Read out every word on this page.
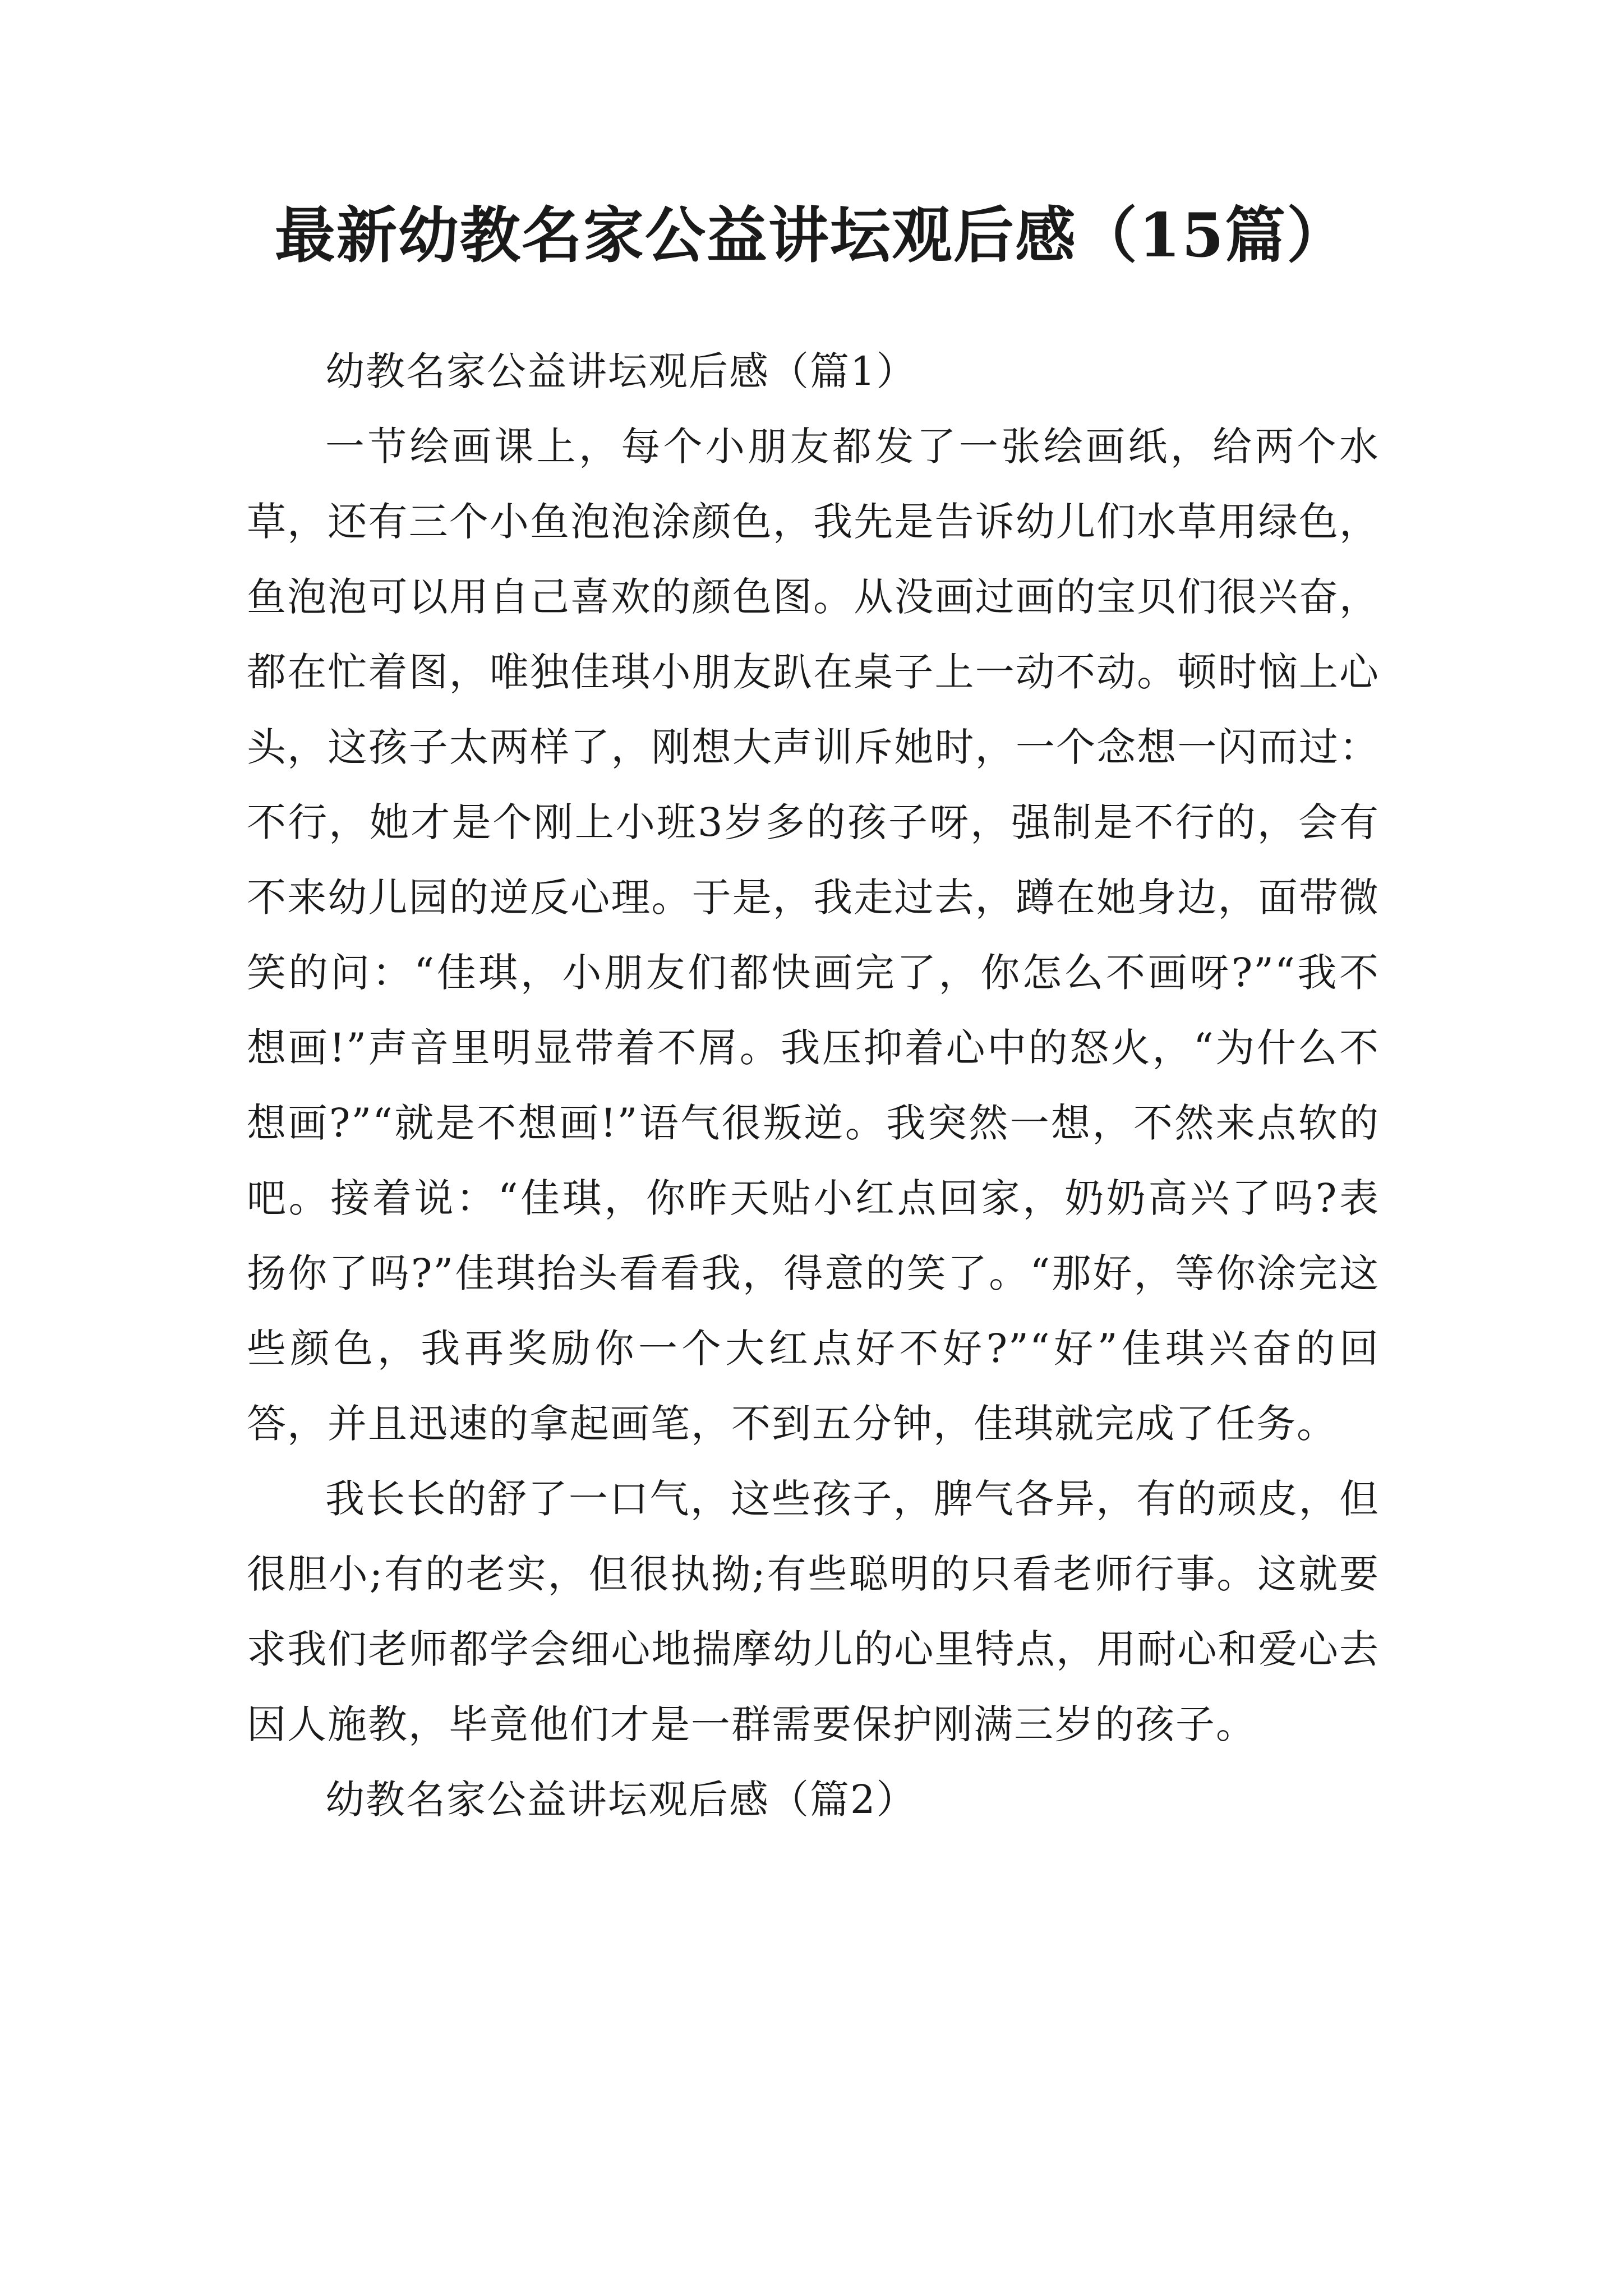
最新幼教名家公益讲坛观后感（15篇）

幼教名家公益讲坛观后感（篇1）

一节绘画课上，每个小朋友都发了一张绘画纸，给两个水草，还有三个小鱼泡泡涂颜色，我先是告诉幼儿们水草用绿色，鱼泡泡可以用自己喜欢的颜色图。从没画过画的宝贝们很兴奋，都在忙着图，唯独佳琪小朋友趴在桌子上一动不动。顿时恼上心头，这孩子太两样了，刚想大声训斥她时，一个念想一闪而过：不行，她才是个刚上小班3岁多的孩子呀，强制是不行的，会有不来幼儿园的逆反心理。于是，我走过去，蹲在她身边，面带微笑的问：“佳琪，小朋友们都快画完了，你怎么不画呀?”“我不想画!”声音里明显带着不屑。我压抑着心中的怒火，“为什么不想画?”“就是不想画!”语气很叛逆。我突然一想，不然来点软的吧。接着说：“佳琪，你昨天贴小红点回家，奶奶高兴了吗?表扬你了吗?”佳琪抬头看看我，得意的笑了。“那好，等你涂完这些颜色，我再奖励你一个大红点好不好?”“好”佳琪兴奋的回答，并且迅速的拿起画笔，不到五分钟，佳琪就完成了任务。

我长长的舒了一口气，这些孩子，脾气各异，有的顽皮，但很胆小;有的老实，但很执拗;有些聪明的只看老师行事。这就要求我们老师都学会细心地揣摩幼儿的心里特点，用耐心和爱心去因人施教，毕竟他们才是一群需要保护刚满三岁的孩子。

幼教名家公益讲坛观后感（篇2）
